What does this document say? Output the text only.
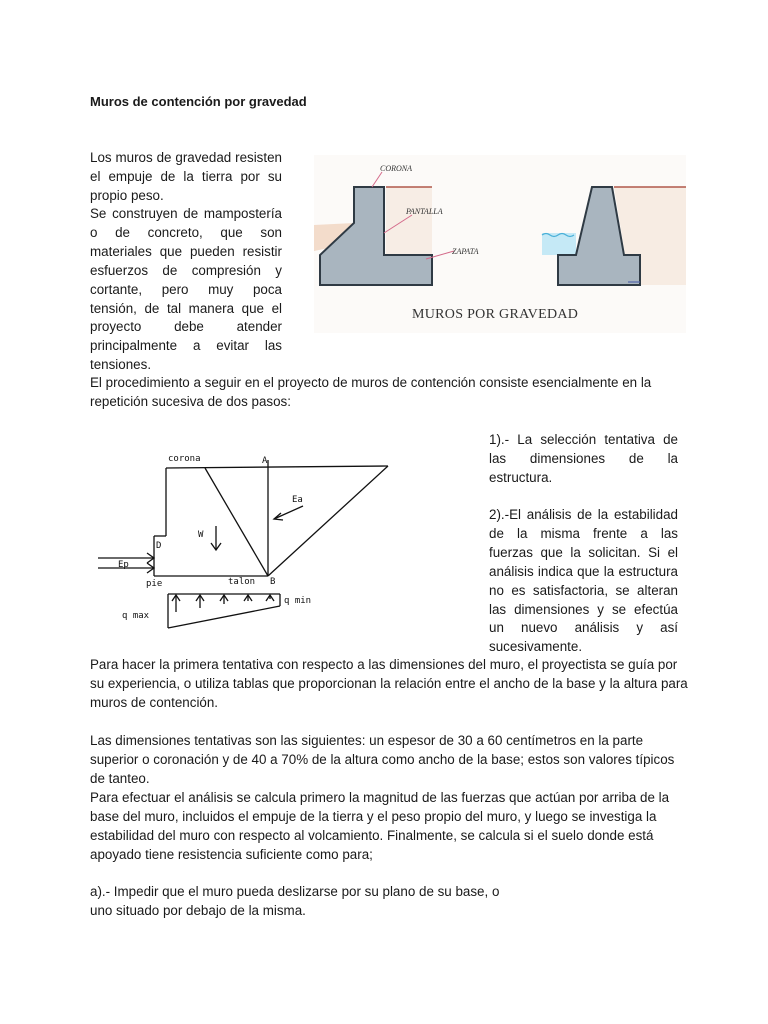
Muros de contención por gravedad

Los muros de gravedad resisten el empuje de la tierra por su propio peso.

Se construyen de mampostería o de concreto, que son materiales que pueden resistir esfuerzos de compresión y cortante, pero muy poca tensión, de tal manera que el proyecto debe atender principalmente a evitar las tensiones.

CORONA
PANTALLA
ZAPATA
MUROS POR GRAVEDAD

El procedimiento a seguir en el proyecto de muros de contención consiste esencialmente en la repetición sucesiva de dos pasos:

corona	A
Ea
W
D
Ep
pie	talon B
q min
q max

1).- La selección tentativa de las dimensiones de la estructura.

2).-El análisis de la estabilidad de la misma frente a las fuerzas que la solicitan. Si el análisis indica que la estructura no es satisfactoria, se alteran las dimensiones y se efectúa un nuevo análisis y así sucesivamente.

Para hacer la primera tentativa con respecto a las dimensiones del muro, el proyectista se guía por su experiencia, o utiliza tablas que proporcionan la relación entre el ancho de la base y la altura para muros de contención.

Las dimensiones tentativas son las siguientes: un espesor de 30 a 60 centímetros en la parte superior o coronación y de 40 a 70% de la altura como ancho de la base; estos son valores típicos de tanteo.

Para efectuar el análisis se calcula primero la magnitud de las fuerzas que actúan por arriba de la base del muro, incluidos el empuje de la tierra y el peso propio del muro, y luego se investiga la estabilidad del muro con respecto al volcamiento. Finalmente, se calcula si el suelo donde está apoyado tiene resistencia suficiente como para;

a).- Impedir que el muro pueda deslizarse por su plano de su base, o

uno situado por debajo de la misma.
